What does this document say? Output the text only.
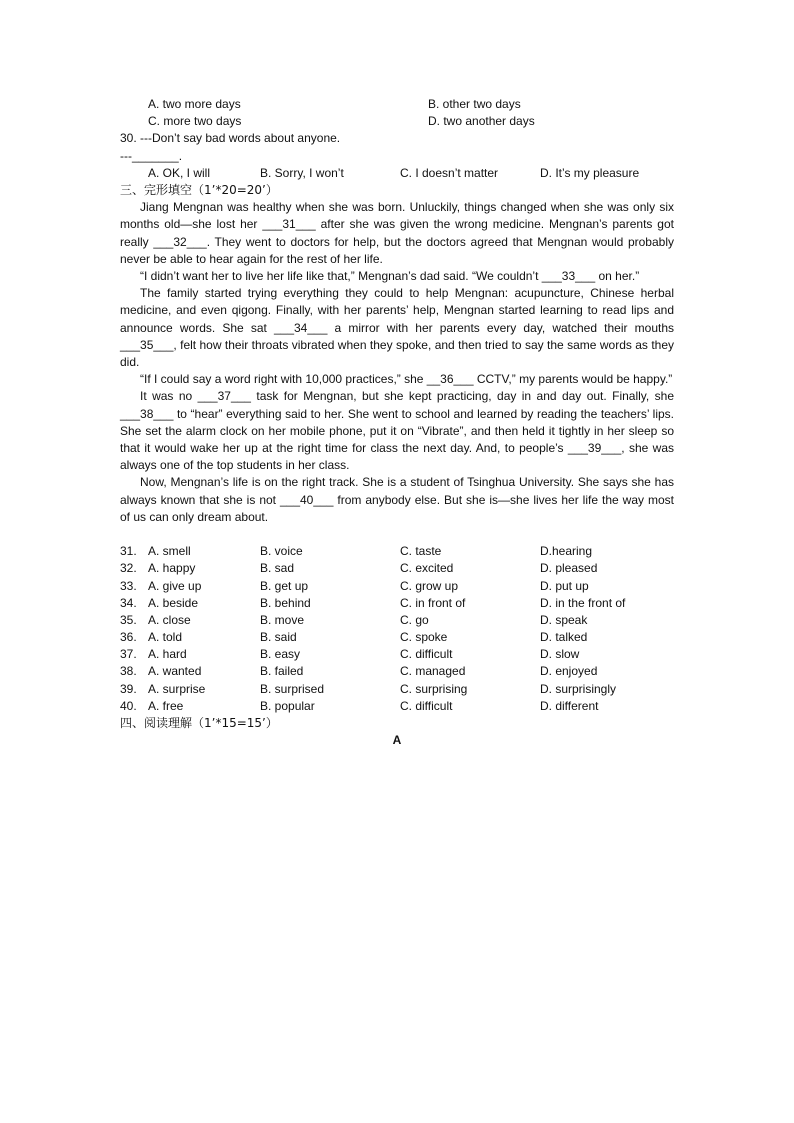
A. two more days	B. other two days
C. more two days	D. two another days
30. ---Don’t say bad words about anyone.
---_______.
A. OK, I will	B. Sorry, I won’t	C. I doesn’t matter	D. It’s my pleasure
三、完形填空（1’*20=20’）

Jiang Mengnan was healthy when she was born. Unluckily, things changed when she was only six months old—she lost her ___31___ after she was given the wrong medicine. Mengnan’s parents got really ___32___. They went to doctors for help, but the doctors agreed that Mengnan would probably never be able to hear again for the rest of her life.

“I didn’t want her to live her life like that,” Mengnan’s dad said. “We couldn’t ___33___ on her.”

The family started trying everything they could to help Mengnan: acupuncture, Chinese herbal medicine, and even qigong. Finally, with her parents’ help, Mengnan started learning to read lips and announce words. She sat ___34___ a mirror with her parents every day, watched their mouths ___35___, felt how their throats vibrated when they spoke, and then tried to say the same words as they did.

“If I could say a word right with 10,000 practices,” she __36___ CCTV,” my parents would be happy.”

It was no ___37___ task for Mengnan, but she kept practicing, day in and day out. Finally, she ___38___ to “hear” everything said to her. She went to school and learned by reading the teachers’ lips. She set the alarm clock on her mobile phone, put it on “Vibrate”, and then held it tightly in her sleep so that it would wake her up at the right time for class the next day. And, to people’s ___39___, she was always one of the top students in her class.

Now, Mengnan’s life is on the right track. She is a student of Tsinghua University. She says she has always known that she is not ___40___ from anybody else. But she is—she lives her life the way most of us can only dream about.

31. A. smell	B. voice	C. taste	D.hearing
32. A. happy	B. sad	C. excited	D. pleased
33. A. give up	B. get up	C. grow up	D. put up
34. A. beside	B. behind	C. in front of	D. in the front of
35. A. close	B. move	C. go	D. speak
36. A. told	B. said	C. spoke	D. talked
37. A. hard	B. easy	C. difficult	D. slow
38. A. wanted	B. failed	C. managed	D. enjoyed
39. A. surprise	B. surprised	C. surprising	D. surprisingly
40. A. free	B. popular	C. difficult	D. different
四、阅读理解（1’*15=15’）
A
